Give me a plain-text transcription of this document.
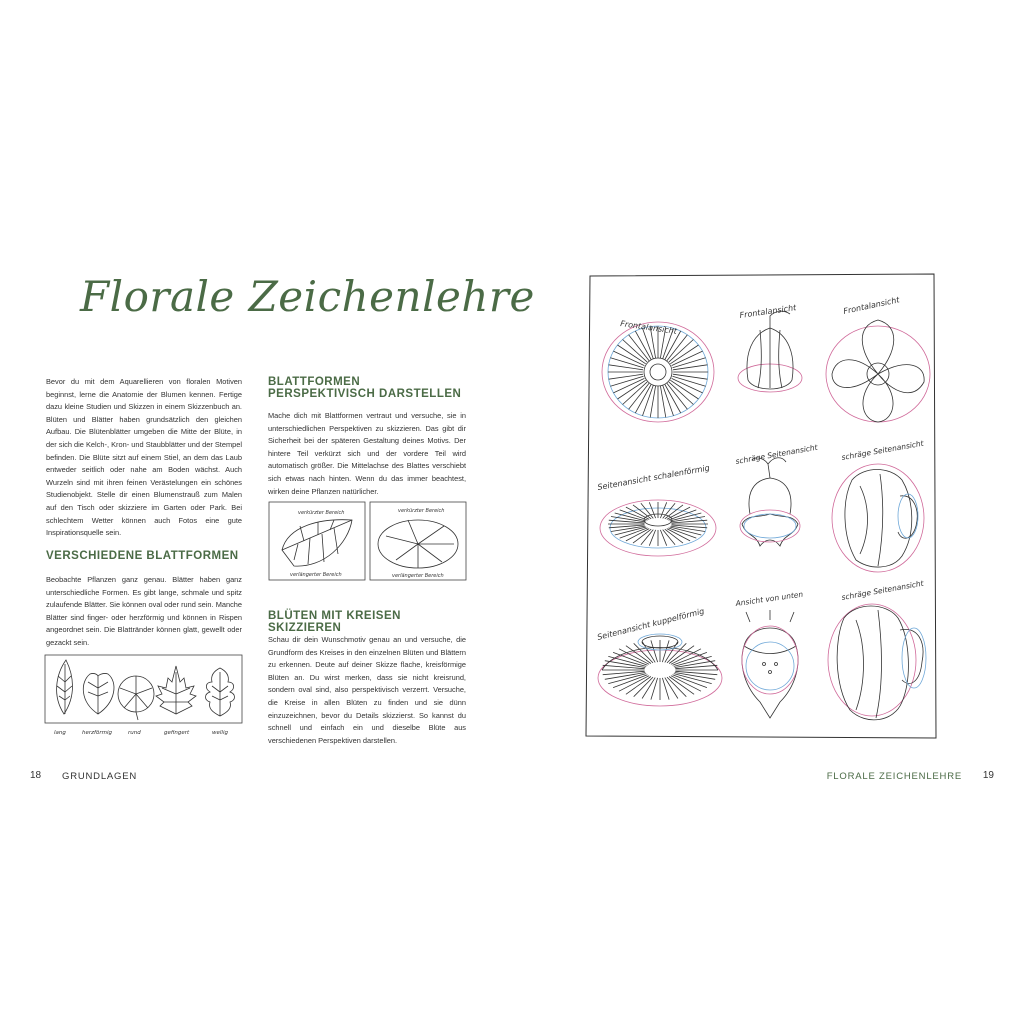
Florale Zeichenlehre

Bevor du mit dem Aquarellieren von floralen Motiven beginnst, lerne die Anatomie der Blumen kennen. Fertige dazu kleine Studien und Skizzen in einem Skizzenbuch an. Blüten und Blätter haben grundsätzlich den gleichen Aufbau. Die Blütenblätter umgeben die Mitte der Blüte, in der sich die Kelch-, Kron- und Staubblätter und der Stempel befinden. Die Blüte sitzt auf einem Stiel, an dem das Laub entweder seitlich oder nahe am Boden wächst. Auch Wurzeln sind mit ihren feinen Verästelungen ein schönes Studienobjekt. Stelle dir einen Blumenstrauß zum Malen auf den Tisch oder skizziere im Garten oder Park. Bei schlechtem Wetter können auch Fotos eine gute Inspirationsquelle sein.

VERSCHIEDENE BLATTFORMEN

Beobachte Pflanzen ganz genau. Blätter haben ganz unterschiedliche Formen. Es gibt lange, schmale und spitz zulaufende Blätter. Sie können oval oder rund sein. Manche Blätter sind finger- oder herzförmig und können in Rispen angeordnet sein. Die Blattränder können glatt, gewellt oder gezackt sein.

lang	herzförmig	rund	gefingert	wellig
BLATTFORMEN PERSPEKTIVISCH DARSTELLEN

Mache dich mit Blattformen vertraut und versuche, sie in unterschiedlichen Perspektiven zu skizzieren. Das gibt dir Sicherheit bei der späteren Gestaltung deines Motivs. Der hintere Teil verkürzt sich und der vordere Teil wird automatisch größer. Die Mittelachse des Blattes verschiebt sich etwas nach hinten. Wenn du das immer beachtest, wirken deine Pflanzen natürlicher.

verkürzter Bereich
verlängerter Bereich
verkürzter Bereich
verlängerter Bereich
BLÜTEN MIT KREISEN SKIZZIEREN

Schau dir dein Wunschmotiv genau an und versuche, die Grundform des Kreises in den einzelnen Blüten und Blättern zu erkennen. Deute auf deiner Skizze flache, kreisförmige Blüten an. Du wirst merken, dass sie nicht kreisrund, sondern oval sind, also perspektivisch verzerrt. Versuche, die Kreise in allen Blüten zu finden und sie dünn einzuzeichnen, bevor du Details skizzierst. So kannst du schnell und einfach ein und dieselbe Blüte aus verschiedenen Perspektiven darstellen.

Frontalansicht
Frontalansicht	Frontalansicht
Seitenansicht schalenförmig
schräge Seitenansicht	schräge Seitenansicht
Seitenansicht kuppelförmig
Ansicht von unten	schräge Seitenansicht
18 GRUNDLAGEN	FLORALE ZEICHENLEHRE 19
